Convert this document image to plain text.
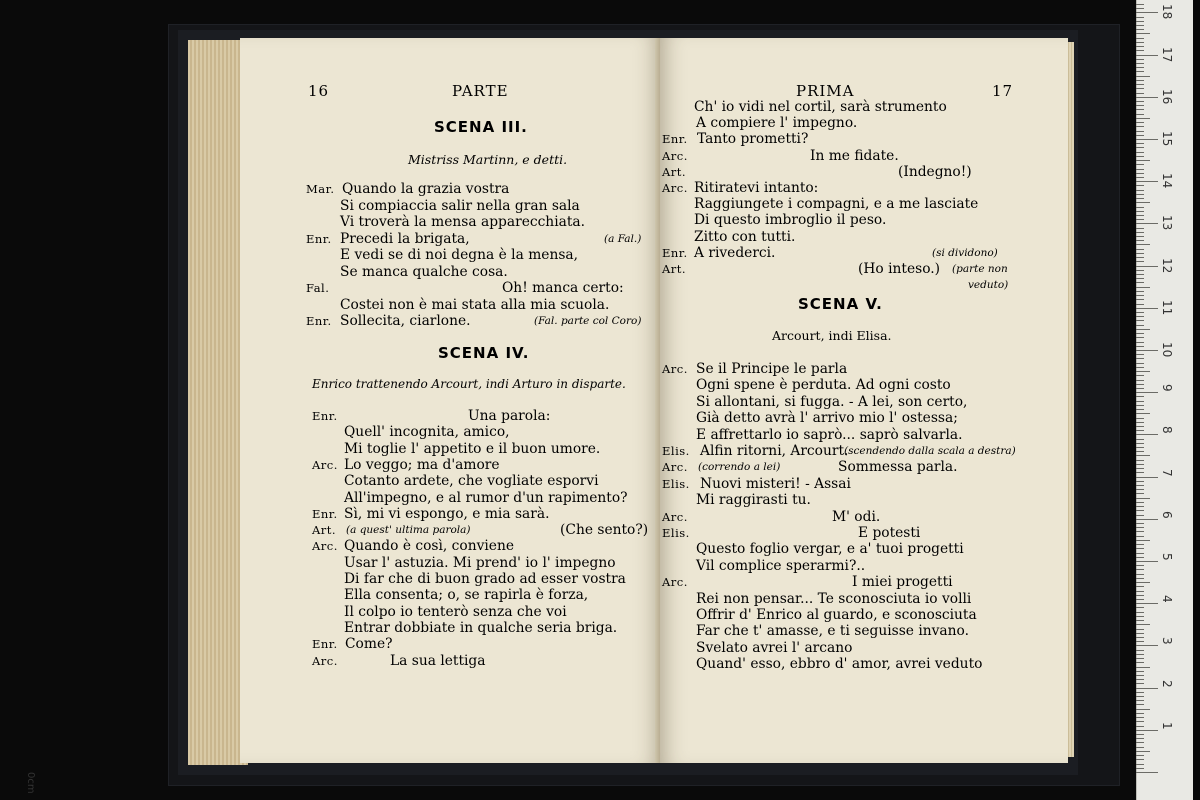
16	PARTE
SCENA III.
Mistriss Martinn, e detti.
Mar. Quando la grazia vostra
Si compiaccia salir nella gran sala
Vi troverà la mensa apparecchiata.
Enr. Precedi la brigata,	(a Fal.)
E vedi se di noi degna è la mensa,
Se manca qualche cosa.
Fal.	Oh! manca certo:
Costei non è mai stata alla mia scuola.
Enr. Sollecita, ciarlone.	(Fal. parte col Coro)
SCENA IV.
Enrico trattenendo Arcourt, indi Arturo in disparte.
Enr.	Una parola:
Quell' incognita, amico,
Mi toglie l' appetito e il buon umore.
Arc. Lo veggo; ma d'amore
Cotanto ardete, che vogliate esporvi
All'impegno, e al rumor d'un rapimento?
Enr. Sì, mi vi espongo, e mia sarà.
Art.	(Che sento?)
(a quest' ultima parola)
Arc. Quando è così, conviene
Usar l' astuzia. Mi prend' io l' impegno
Di far che di buon grado ad esser vostra
Ella consenta; o, se rapirla è forza,
Il colpo io tenterò senza che voi
Entrar dobbiate in qualche seria briga.
Enr. Come?
Arc.	La sua lettiga
PRIMA	17
Ch' io vidi nel cortil, sarà strumento
A compiere l' impegno.
Enr. Tanto prometti?
Arc.	In me fidate.
Art.	(Indegno!)
Arc. Ritiratevi intanto:
Raggiungete i compagni, e a me lasciate
Di questo imbroglio il peso.
Zitto con tutti.
Enr. A rivederci.	(si dividono)
Art.	(Ho inteso.) (parte non
veduto)
SCENA V.
Arcourt, indi Elisa.
Arc. Se il Principe le parla
Ogni spene è perduta. Ad ogni costo
Si allontani, si fugga. - A lei, son certo,
Già detto avrà l' arrivo mio l' ostessa;
E affrettarlo io saprò... saprò salvarla.
Elis. Alfin ritorni, Arcourt.
(scendendo dalla scala a destra)
Arc.	Sommessa parla.
(correndo a lei)
Elis. Nuovi misteri! - Assai
Mi raggirasti tu.
Arc.	M' odi.
Elis.	E potesti
Questo foglio vergar, e a' tuoi progetti
Vil complice sperarmi?..
Arc.	I miei progetti
Rei non pensar... Te sconosciuta io volli
Offrir d' Enrico al guardo, e sconosciuta
Far che t' amasse, e ti seguisse invano.
Svelato avrei l' arcano
Quand' esso, ebbro d' amor, avrei veduto
0cm
1
2
3
4
5
6
7
8
9
10
11
12
13
14
15
16
17
18
